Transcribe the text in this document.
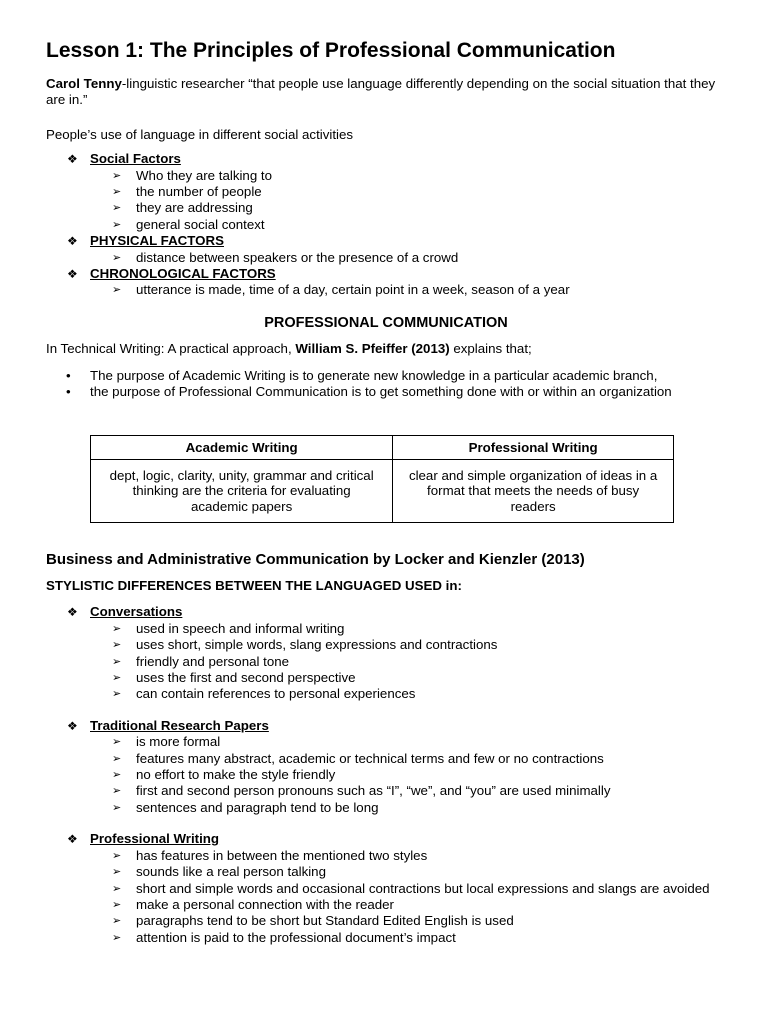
Lesson 1: The Principles of Professional Communication

Carol Tenny-linguistic researcher “that people use language differently depending on the social situation that they are in.”

People’s use of language in different social activities

❖ Social Factors
➢ Who they are talking to
➢ the number of people
➢ they are addressing
➢ general social context
❖ PHYSICAL FACTORS
➢ distance between speakers or the presence of a crowd
❖ CHRONOLOGICAL FACTORS
➢ utterance is made, time of a day, certain point in a week, season of a year
PROFESSIONAL COMMUNICATION

In Technical Writing: A practical approach, William S. Pfeiffer (2013) explains that;

• The purpose of Academic Writing is to generate new knowledge in a particular academic branch,
• the purpose of Professional Communication is to get something done with or within an organization
Academic Writing	Professional Writing
dept, logic, clarity, unity, grammar and critical thinking are the criteria for evaluating academic papers	clear and simple organization of ideas in a format that meets the needs of busy readers
Business and Administrative Communication by Locker and Kienzler (2013)
STYLISTIC DIFFERENCES BETWEEN THE LANGUAGED USED in:
❖ Conversations
➢ used in speech and informal writing
➢ uses short, simple words, slang expressions and contractions
➢ friendly and personal tone
➢ uses the first and second perspective
➢ can contain references to personal experiences
❖ Traditional Research Papers
➢ is more formal
➢ features many abstract, academic or technical terms and few or no contractions
➢ no effort to make the style friendly
➢ first and second person pronouns such as “I”, “we”, and “you” are used minimally
➢ sentences and paragraph tend to be long
❖ Professional Writing
➢ has features in between the mentioned two styles
➢ sounds like a real person talking
➢ short and simple words and occasional contractions but local expressions and slangs are avoided
➢ make a personal connection with the reader
➢ paragraphs tend to be short but Standard Edited English is used
➢ attention is paid to the professional document’s impact
